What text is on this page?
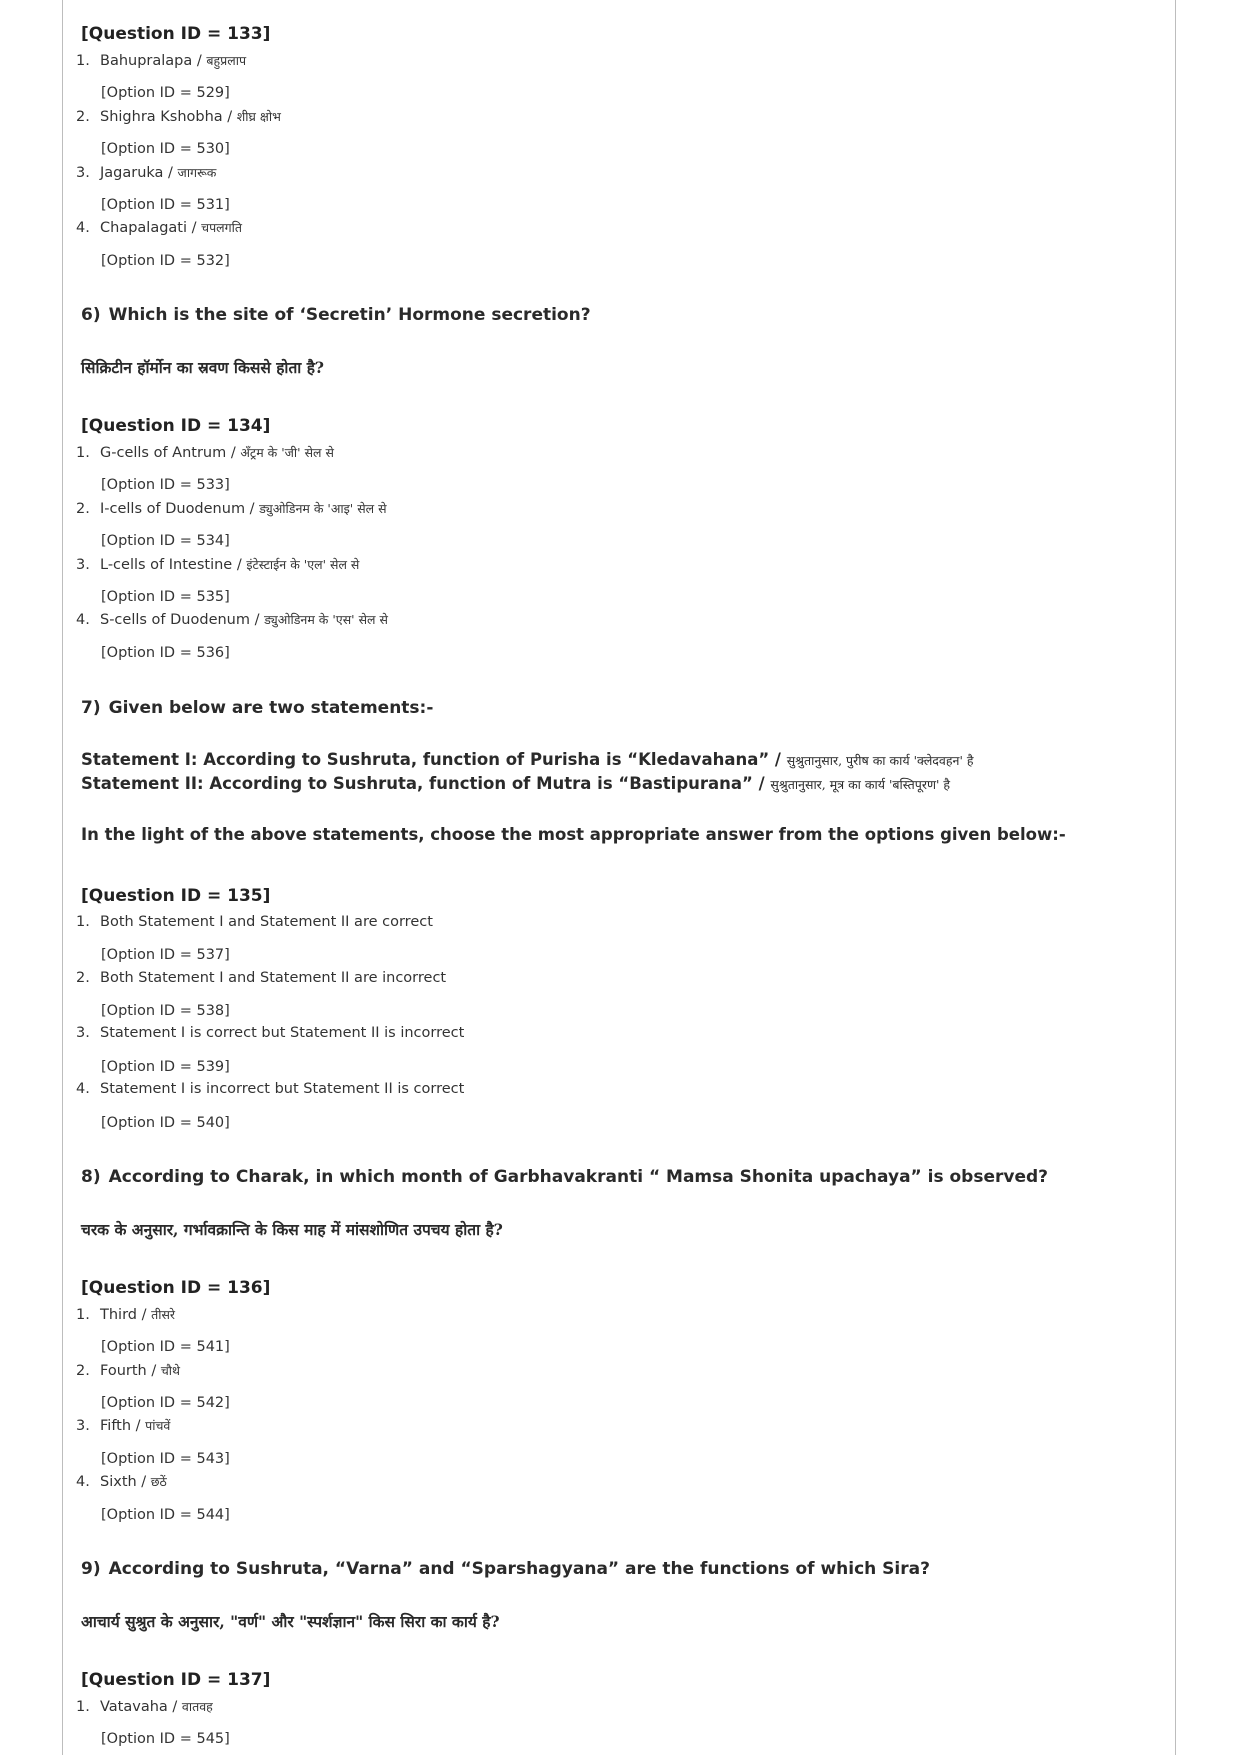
[Question ID = 133]
1. Bahupralapa / बहुप्रलाप
[Option ID = 529]
2. Shighra Kshobha / शीघ्र क्षोभ
[Option ID = 530]
3. Jagaruka / जागरूक
[Option ID = 531]
4. Chapalagati / चपलगति
[Option ID = 532]
6) Which is the site of ‘Secretin’ Hormone secretion?
सिक्रिटीन हॉर्मोन का स्रवण किससे होता है?
[Question ID = 134]
1. G-cells of Antrum / अँट्रम के 'जी' सेल से
[Option ID = 533]
2. I-cells of Duodenum / ड्युओडिनम के 'आइ' सेल से
[Option ID = 534]
3. L-cells of Intestine / इंटेस्टाईन के 'एल' सेल से
[Option ID = 535]
4. S-cells of Duodenum / ड्युओडिनम के 'एस' सेल से
[Option ID = 536]
7) Given below are two statements:-
Statement I: According to Sushruta, function of Purisha is “Kledavahana” / सुश्रुतानुसार, पुरीष का कार्य 'क्लेदवहन' है
Statement II: According to Sushruta, function of Mutra is “Bastipurana” / सुश्रुतानुसार, मूत्र का कार्य 'बस्तिपूरण' है
In the light of the above statements, choose the most appropriate answer from the options given below:-
[Question ID = 135]
1. Both Statement I and Statement II are correct
[Option ID = 537]
2. Both Statement I and Statement II are incorrect
[Option ID = 538]
3. Statement I is correct but Statement II is incorrect
[Option ID = 539]
4. Statement I is incorrect but Statement II is correct
[Option ID = 540]
8) According to Charak, in which month of Garbhavakranti “ Mamsa Shonita upachaya” is observed?
चरक के अनुसार, गर्भावक्रान्ति के किस माह में मांसशोणित उपचय होता है?
[Question ID = 136]
1. Third / तीसरे
[Option ID = 541]
2. Fourth / चौथे
[Option ID = 542]
3. Fifth / पांचवें
[Option ID = 543]
4. Sixth / छठें
[Option ID = 544]
9) According to Sushruta, “Varna” and “Sparshagyana” are the functions of which Sira?
आचार्य सुश्रुत के अनुसार, "वर्ण" और "स्पर्शज्ञान" किस सिरा का कार्य है?
[Question ID = 137]
1. Vatavaha / वातवह
[Option ID = 545]
